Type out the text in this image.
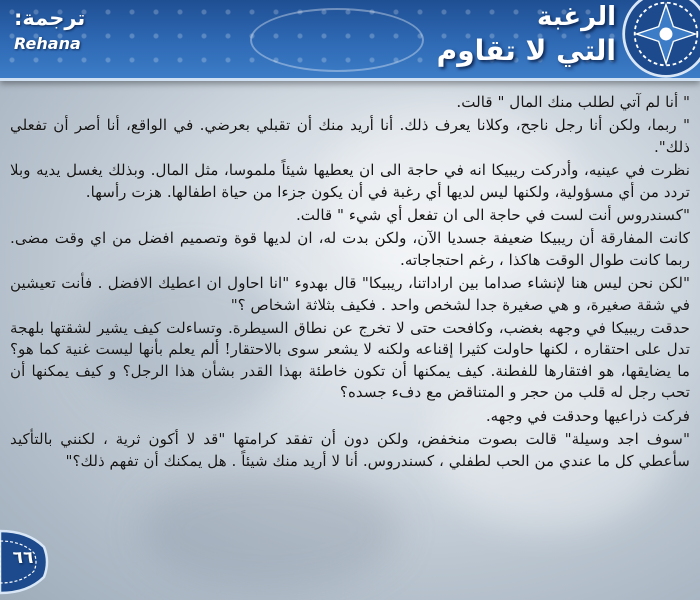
ترجمة:
Rehana
الرغبة
التي لا تقاوم

" أنا لم آتي لطلب منك المال " قالت.

" ربما، ولكن أنا رجل ناجح، وكلانا يعرف ذلك. أنا أريد منك أن تقبلي بعرضي. في الواقع، أنا أصر أن تفعلي ذلك".

نظرت في عينيه، وأدركت ريبيكا انه في حاجة الى ان يعطيها شيئاً ملموسا، مثل المال. وبذلك يغسل يديه وبلا تردد من أي مسؤولية، ولكنها ليس لديها أي رغبة في أن يكون جزءا من حياة اطفالها. هزت رأسها.

"كسندروس أنت لست في حاجة الى ان تفعل أي شيء " قالت.

كانت المفارقة أن ريبيكا ضعيفة جسديا الآن، ولكن بدت له، ان لديها قوة وتصميم افضل من اي وقت مضى. ربما كانت طوال الوقت هاكذا ، رغم احتجاجاته.

"لكن نحن ليس هنا لإنشاء صداما بين اراداتنا، ريبيكا" قال بهدوء "انا احاول ان اعطيك الافضل . فأنت تعيشين في شقة صغيرة، و هي صغيرة جدا لشخص واحد . فكيف بثلاثة اشخاص ؟"

حدقت ريبيكا في وجهه بغضب، وكافحت حتى لا تخرج عن نطاق السيطرة. وتساءلت كيف يشير لشقتها بلهجة تدل على احتقاره ، لكنها حاولت كثيرا إقناعه ولكنه لا يشعر سوى بالاحتقار! ألم يعلم بأنها ليست غنية كما هو؟ ما يضايقها، هو افتقارها للفطنة. كيف يمكنها أن تكون خاطئة بهذا القدر بشأن هذا الرجل؟ و كيف يمكنها أن تحب رجل له قلب من حجر و المتناقض مع دفء جسده؟

فركت ذراعيها وحدقت في وجهه.

"سوف اجد وسيلة" قالت بصوت منخفض، ولكن دون أن تفقد كرامتها "قد لا أكون ثرية ، لكنني بالتأكيد سأعطي كل ما عندي من الحب لطفلي ، كسندروس. أنا لا أريد منك شيئاً . هل يمكنك أن تفهم ذلك؟"

٦٦
